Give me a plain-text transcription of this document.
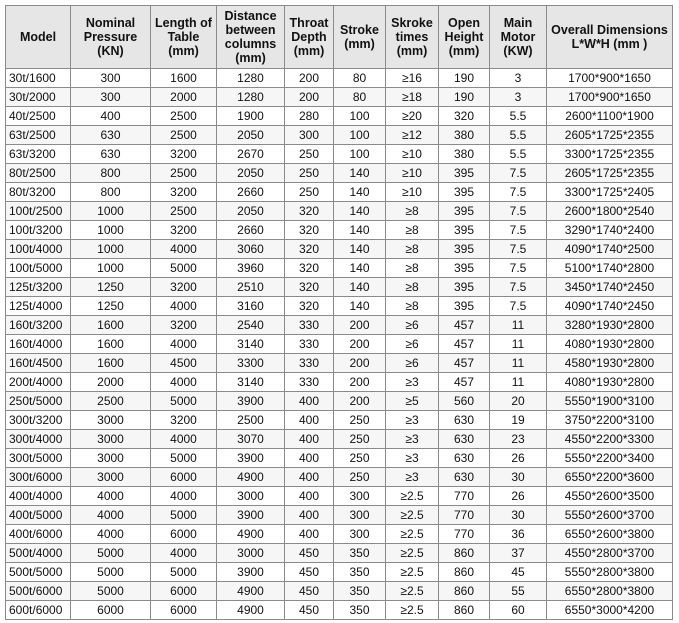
Model	Nominal Pressure (KN)	Length of Table (mm)	Distance between columns (mm)	Throat Depth (mm)	Stroke (mm)	Skroke times (mm)	Open Height (mm)	Main Motor (KW)	Overall Dimensions L*W*H (mm )
30t/1600	300	1600	1280	200	80	≥16	190	3	1700*900*1650
30t/2000	300	2000	1280	200	80	≥18	190	3	1700*900*1650
40t/2500	400	2500	1900	280	100	≥20	320	5.5	2600*1100*1900
63t/2500	630	2500	2050	300	100	≥12	380	5.5	2605*1725*2355
63t/3200	630	3200	2670	250	100	≥10	380	5.5	3300*1725*2355
80t/2500	800	2500	2050	250	140	≥10	395	7.5	2605*1725*2355
80t/3200	800	3200	2660	250	140	≥10	395	7.5	3300*1725*2405
100t/2500	1000	2500	2050	320	140	≥8	395	7.5	2600*1800*2540
100t/3200	1000	3200	2660	320	140	≥8	395	7.5	3290*1740*2400
100t/4000	1000	4000	3060	320	140	≥8	395	7.5	4090*1740*2500
100t/5000	1000	5000	3960	320	140	≥8	395	7.5	5100*1740*2800
125t/3200	1250	3200	2510	320	140	≥8	395	7.5	3450*1740*2450
125t/4000	1250	4000	3160	320	140	≥8	395	7.5	4090*1740*2450
160t/3200	1600	3200	2540	330	200	≥6	457	11	3280*1930*2800
160t/4000	1600	4000	3140	330	200	≥6	457	11	4080*1930*2800
160t/4500	1600	4500	3300	330	200	≥6	457	11	4580*1930*2800
200t/4000	2000	4000	3140	330	200	≥3	457	11	4080*1930*2800
250t/5000	2500	5000	3900	400	200	≥5	560	20	5550*1900*3100
300t/3200	3000	3200	2500	400	250	≥3	630	19	3750*2200*3100
300t/4000	3000	4000	3070	400	250	≥3	630	23	4550*2200*3300
300t/5000	3000	5000	3900	400	250	≥3	630	26	5550*2200*3400
300t/6000	3000	6000	4900	400	250	≥3	630	30	6550*2200*3600
400t/4000	4000	4000	3000	400	300	≥2.5	770	26	4550*2600*3500
400t/5000	4000	5000	3900	400	300	≥2.5	770	30	5550*2600*3700
400t/6000	4000	6000	4900	400	300	≥2.5	770	36	6550*2600*3800
500t/4000	5000	4000	3000	450	350	≥2.5	860	37	4550*2800*3700
500t/5000	5000	5000	3900	450	350	≥2.5	860	45	5550*2800*3800
500t/6000	5000	6000	4900	450	350	≥2.5	860	55	6550*2800*3800
600t/6000	6000	6000	4900	450	350	≥2.5	860	60	6550*3000*4200
